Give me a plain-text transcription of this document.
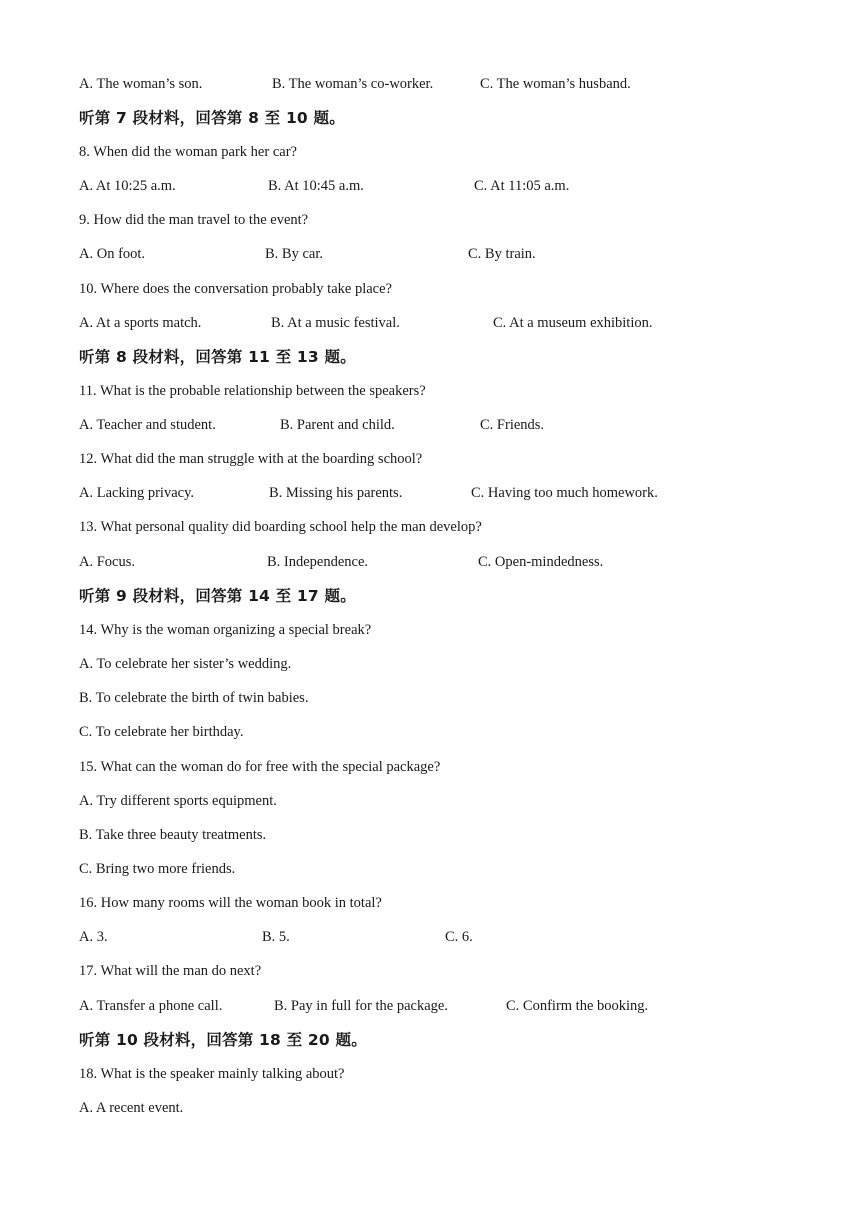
A. The woman’s son.	B. The woman’s co-worker.	C. The woman’s husband.
听第 7 段材料，回答第 8 至 10 题。
8. When did the woman park her car?
A. At 10:25 a.m.	B. At 10:45 a.m.	C. At 11:05 a.m.
9. How did the man travel to the event?
A. On foot.	B. By car.	C. By train.
10. Where does the conversation probably take place?
A. At a sports match.	B. At a music festival.	C. At a museum exhibition.
听第 8 段材料，回答第 11 至 13 题。
11. What is the probable relationship between the speakers?
A. Teacher and student.	B. Parent and child.	C. Friends.
12. What did the man struggle with at the boarding school?
A. Lacking privacy.	B. Missing his parents.	C. Having too much homework.
13. What personal quality did boarding school help the man develop?
A. Focus.	B. Independence.	C. Open-mindedness.
听第 9 段材料，回答第 14 至 17 题。
14. Why is the woman organizing a special break?
A. To celebrate her sister’s wedding.
B. To celebrate the birth of twin babies.
C. To celebrate her birthday.
15. What can the woman do for free with the special package?
A. Try different sports equipment.
B. Take three beauty treatments.
C. Bring two more friends.
16. How many rooms will the woman book in total?
A. 3.	B. 5.	C. 6.
17. What will the man do next?
A. Transfer a phone call.	B. Pay in full for the package.	C. Confirm the booking.
听第 10 段材料，回答第 18 至 20 题。
18. What is the speaker mainly talking about?
A. A recent event.
